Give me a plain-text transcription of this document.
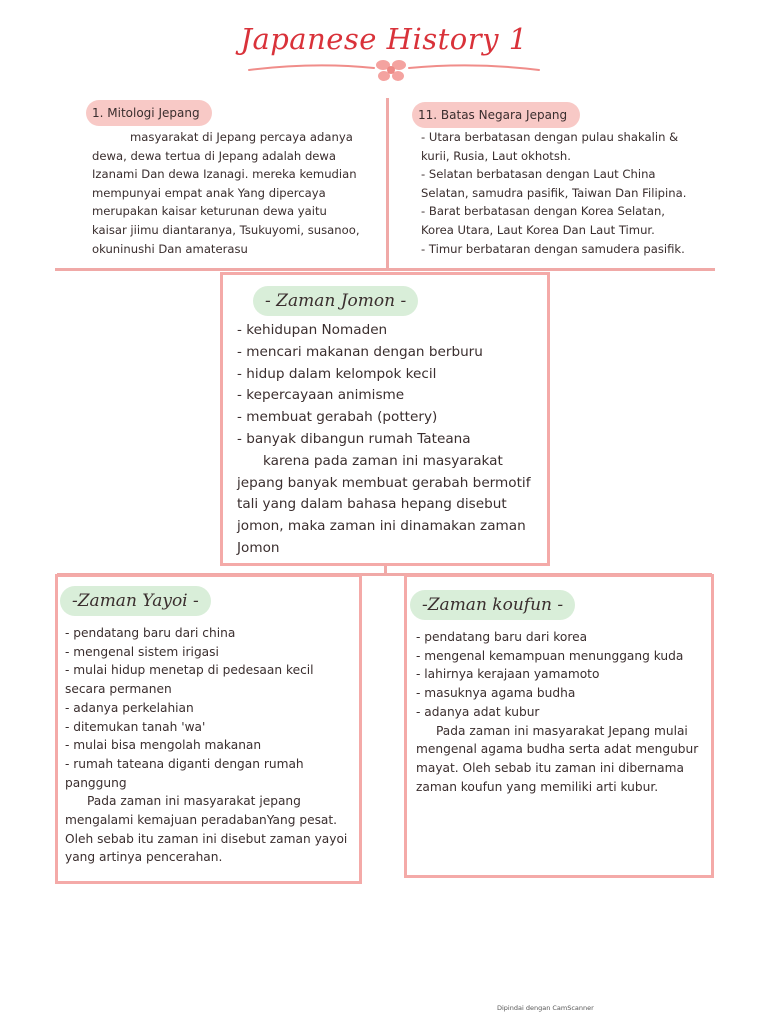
Japanese History 1
1. Mitologi Jepang
masyarakat di Jepang percaya adanya
dewa, dewa tertua di Jepang adalah dewa
Izanami Dan dewa Izanagi. mereka kemudian
mempunyai empat anak Yang dipercaya
merupakan kaisar keturunan dewa yaitu
kaisar jiimu diantaranya, Tsukuyomi, susanoo,
okuninushi Dan amaterasu
11. Batas Negara Jepang
- Utara berbatasan dengan pulau shakalin &
kurii, Rusia, Laut okhotsh.
- Selatan berbatasan dengan Laut China
Selatan, samudra pasifik, Taiwan Dan Filipina.
- Barat berbatasan dengan Korea Selatan,
Korea Utara, Laut Korea Dan Laut Timur.
- Timur berbataran dengan samudera pasifik.
- Zaman Jomon -
- kehidupan Nomaden
- mencari makanan dengan berburu
- hidup dalam kelompok kecil
- kepercayaan animisme
- membuat gerabah (pottery)
- banyak dibangun rumah Tateana
karena pada zaman ini masyarakat
jepang banyak membuat gerabah bermotif
tali yang dalam bahasa hepang disebut
jomon, maka zaman ini dinamakan zaman
Jomon
-Zaman Yayoi -
- pendatang baru dari china
- mengenal sistem irigasi
- mulai hidup menetap di pedesaan kecil
secara permanen
- adanya perkelahian
- ditemukan tanah 'wa'
- mulai bisa mengolah makanan
- rumah tateana diganti dengan rumah
panggung
Pada zaman ini masyarakat jepang
mengalami kemajuan peradabanYang pesat.
Oleh sebab itu zaman ini disebut zaman yayoi
yang artinya pencerahan.
-Zaman koufun -
- pendatang baru dari korea
- mengenal kemampuan menunggang kuda
- lahirnya kerajaan yamamoto
- masuknya agama budha
- adanya adat kubur
Pada zaman ini masyarakat Jepang mulai
mengenal agama budha serta adat mengubur
mayat. Oleh sebab itu zaman ini dibernama
zaman koufun yang memiliki arti kubur.
Dipindai dengan CamScanner
